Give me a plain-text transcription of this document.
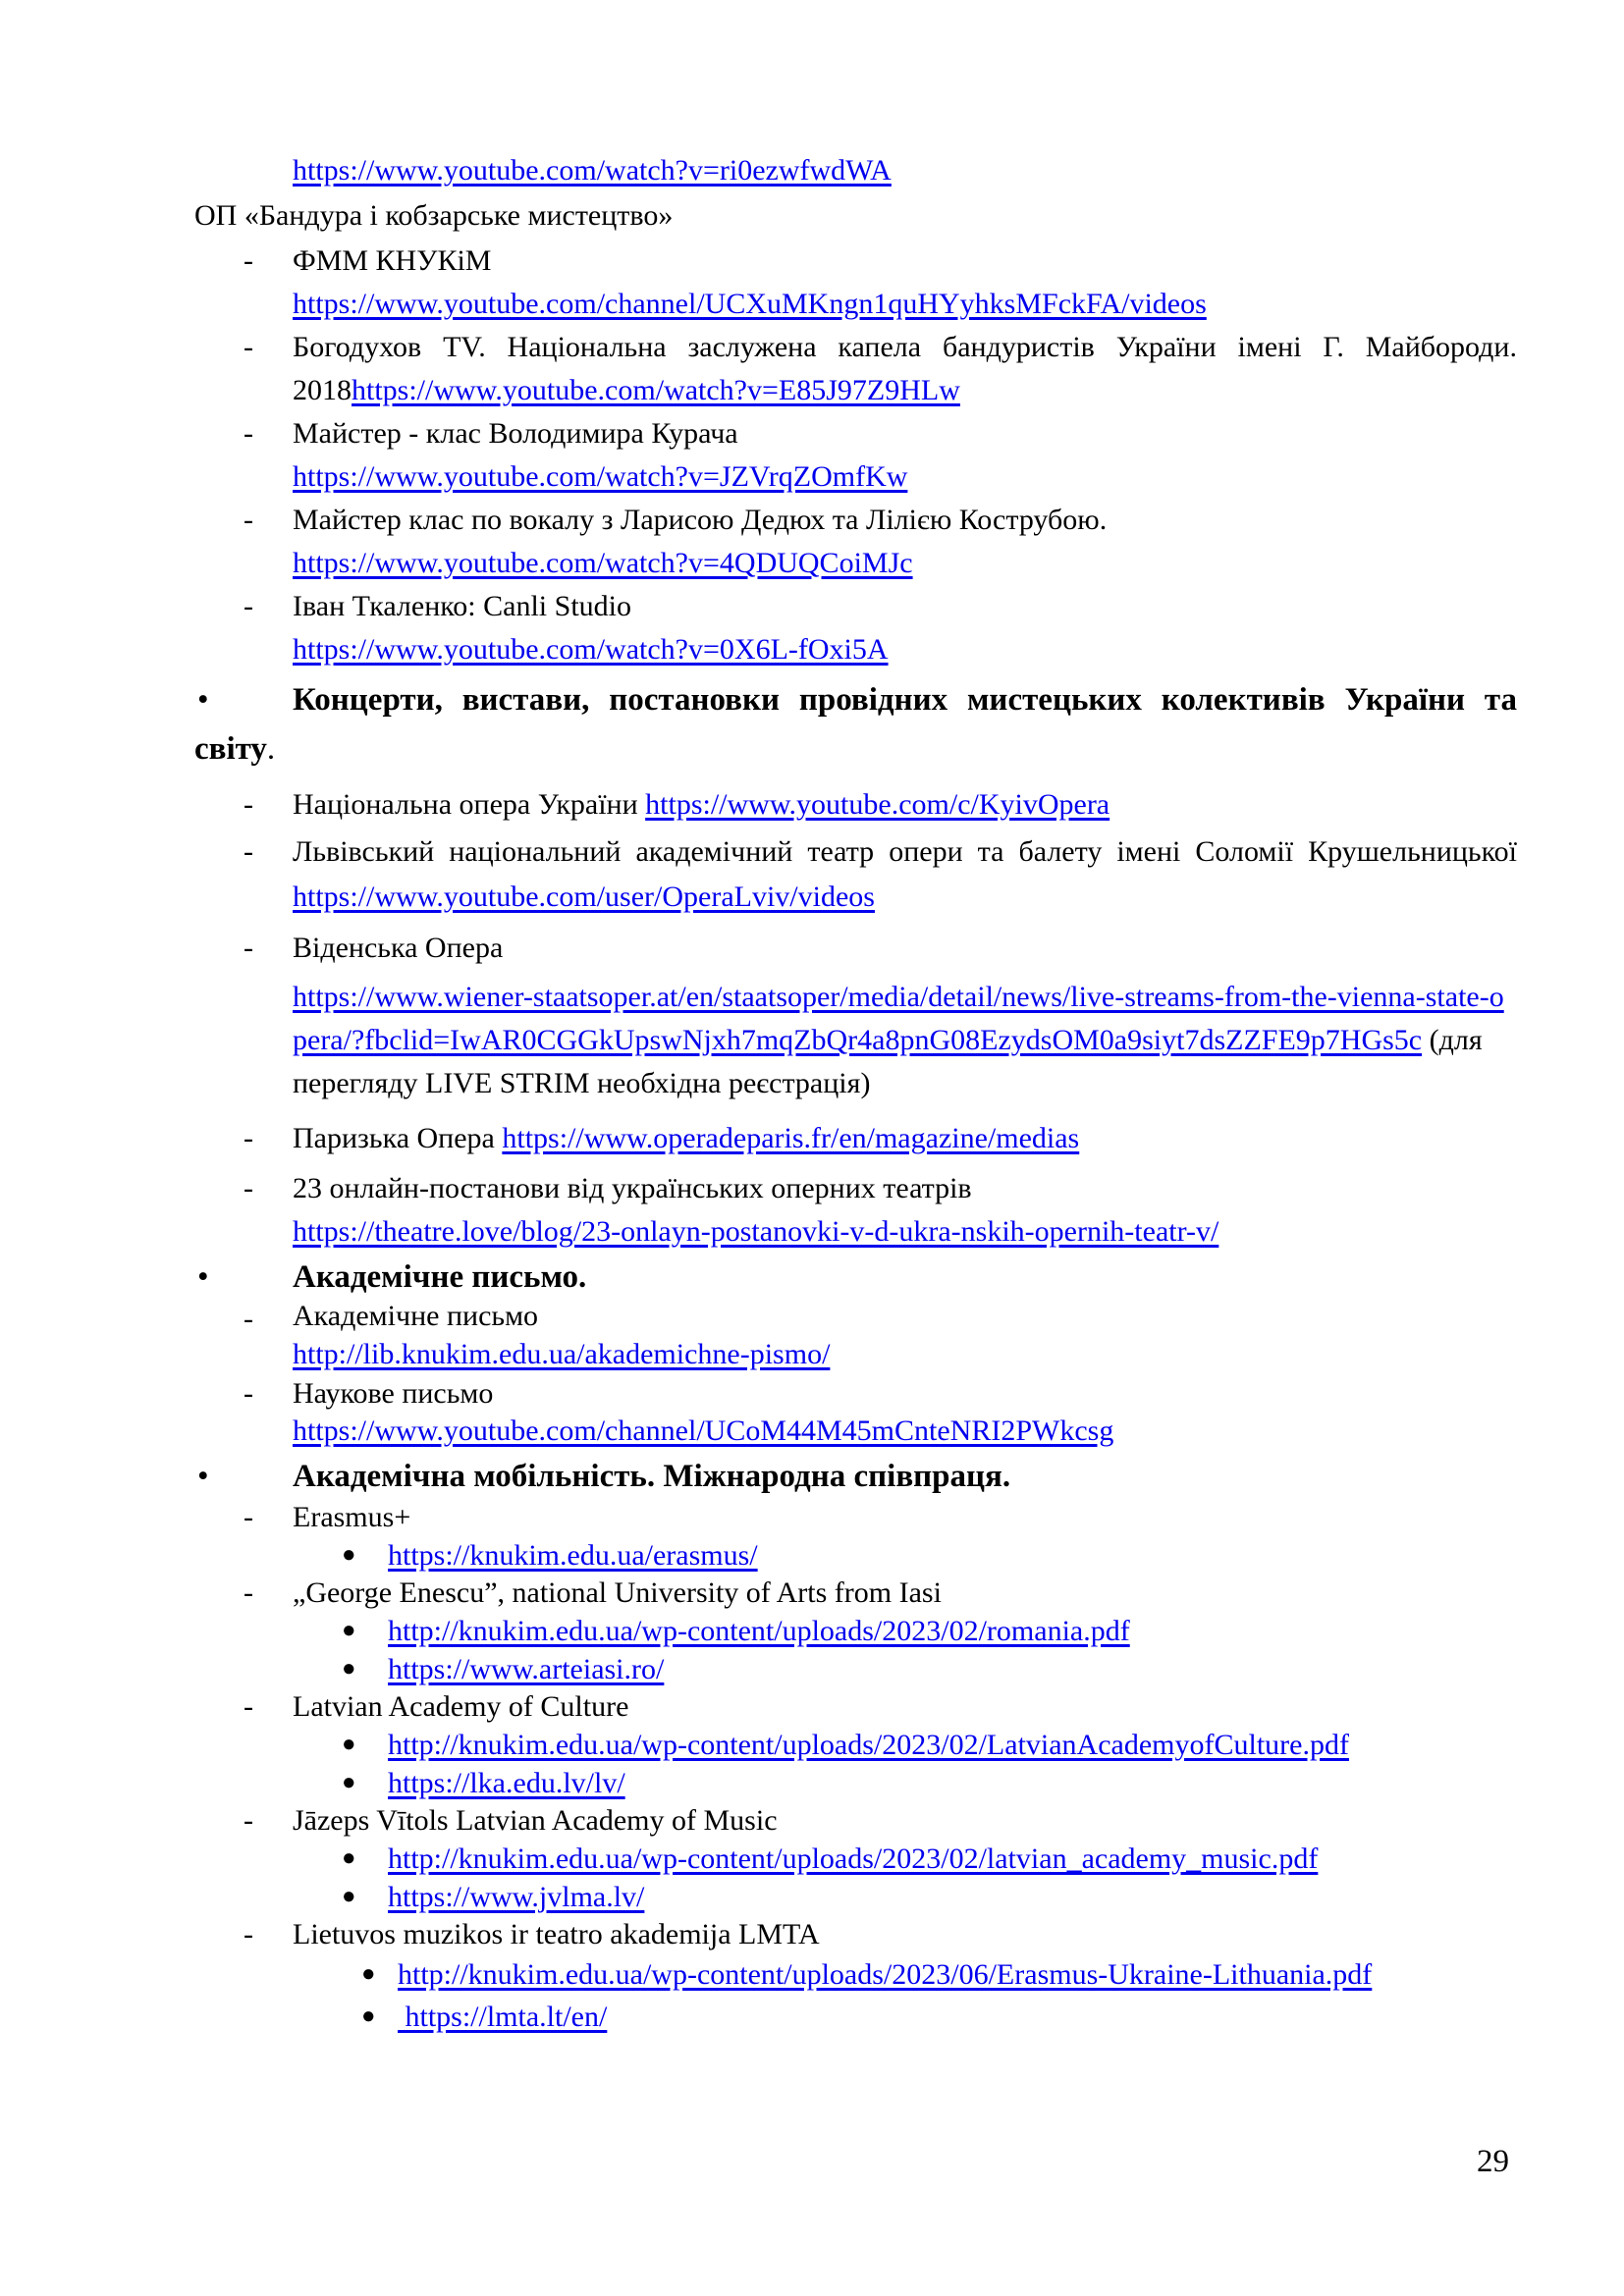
https://www.youtube.com/watch?v=ri0ezwfwdWA
ОП «Бандура і кобзарське мистецтво»
- ФММ КНУКіМ
https://www.youtube.com/channel/UCXuMKngn1quHYyhksMFckFA/videos
- Богодухов TV. Національна заслужена капела бандуристів України імені Г. Майбороди. 2018https://www.youtube.com/watch?v=E85J97Z9HLw
- Майстер - клас Володимира Курача
https://www.youtube.com/watch?v=JZVrqZOmfKw
- Майстер клас по вокалу з Ларисою Дедюх та Лілією Кострубою.
https://www.youtube.com/watch?v=4QDUQCoiMJc
- Іван Ткаленко: Canli Studio
https://www.youtube.com/watch?v=0X6L-fOxi5A
•	Концерти, вистави, постановки провідних мистецьких колективів України та світу.
- Національна опера України https://www.youtube.com/c/KyivOpera
- Львівський національний академічний театр опери та балету імені Соломії Крушельницької https://www.youtube.com/user/OperaLviv/videos
- Віденська Опера
https://www.wiener-staatsoper.at/en/staatsoper/media/detail/news/live-streams-from-the-vienna-state-opera/?fbclid=IwAR0CGGkUpswNjxh7mqZbQr4a8pnG08EzydsOM0a9siyt7dsZZFE9p7HGs5c (для перегляду LIVE STRIM необхідна реєстрація)
- Паризька Опера https://www.operadeparis.fr/en/magazine/medias
- 23 онлайн-постанови від українських оперних театрів
https://theatre.love/blog/23-onlayn-postanovki-v-d-ukra-nskih-opernih-teatr-v/
•	Академічне письмо.
- Академічне письмо
http://lib.knukim.edu.ua/akademichne-pismo/
- Наукове письмо
https://www.youtube.com/channel/UCoM44M45mCnteNRI2PWkcsg
•	Академічна мобільність. Міжнародна співпраця.
- Erasmus+
● https://knukim.edu.ua/erasmus/
- „George Enescu”, national University of Arts from Iasi
● http://knukim.edu.ua/wp-content/uploads/2023/02/romania.pdf
● https://www.arteiasi.ro/
- Latvian Academy of Culture
● http://knukim.edu.ua/wp-content/uploads/2023/02/LatvianAcademyofCulture.pdf
● https://lka.edu.lv/lv/
- Jāzeps Vītols Latvian Academy of Music
● http://knukim.edu.ua/wp-content/uploads/2023/02/latvian_academy_music.pdf
● https://www.jvlma.lv/
- Lietuvos muzikos ir teatro akademija LMTA
● http://knukim.edu.ua/wp-content/uploads/2023/06/Erasmus-Ukraine-Lithuania.pdf
● https://lmta.lt/en/
29
